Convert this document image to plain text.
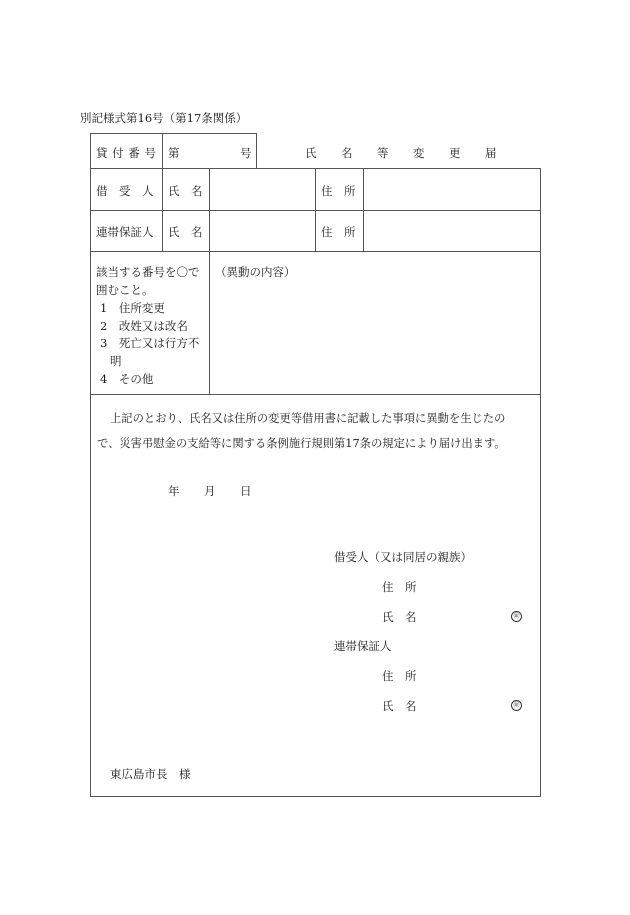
別記様式第16号（第17条関係）
貸 付 番 号 第	号	氏 名 等 変 更 届
借　受　人 氏　名	住　所
連帯保証人 氏　名	住　所
該当する番号を〇で
囲むこと。
1　住所変更
2　改姓又は改名
3　死亡又は行方不
明
4　その他
（異動の内容）
上記のとおり、氏名又は住所の変更等借用書に記載した事項に異動を生じたの
で、災害弔慰金の支給等に関する条例施行規則第17条の規定により届け出ます。
年 月 日
借受人（又は同居の親族）
住　所
氏　名	㊞
連帯保証人
住　所
氏　名	㊞
東広島市長　様
